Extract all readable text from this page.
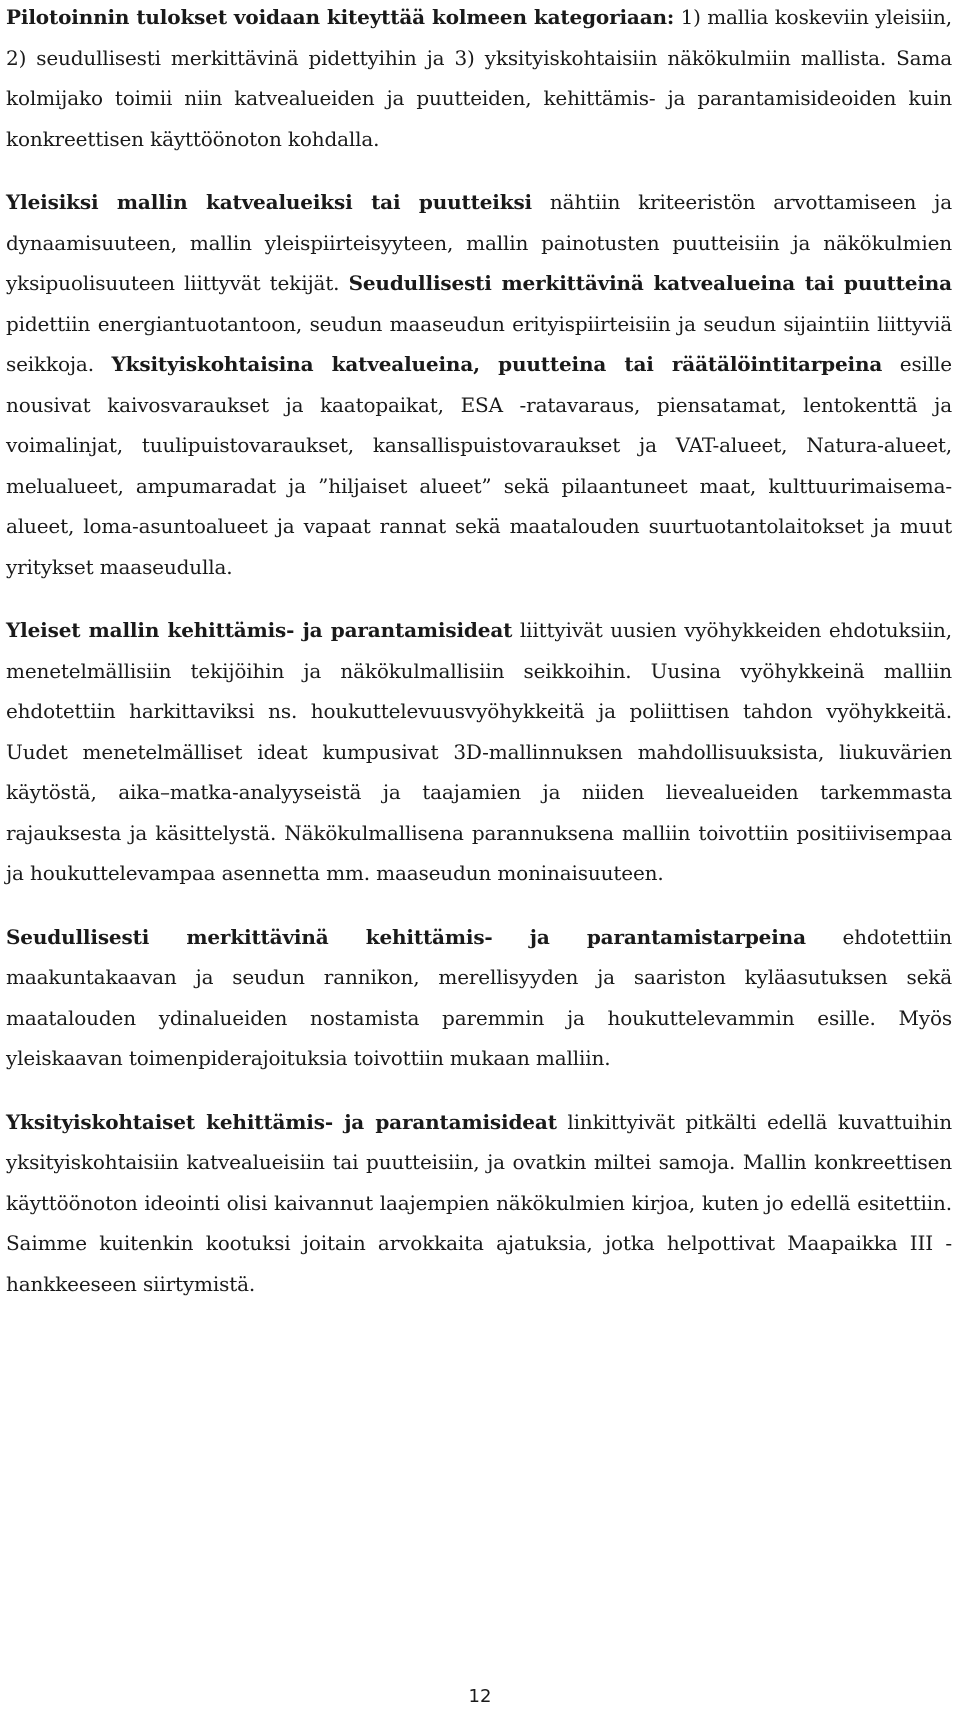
Pilotoinnin tulokset voidaan kiteyttää kolmeen kategoriaan: 1) mallia koskeviin yleisiin, 2) seudullisesti merkittävinä pidettyihin ja 3) yksityiskohtaisiin näkökulmiin mallista. Sama kolmijako toimii niin katvealueiden ja puutteiden, kehittämis- ja parantamisideoiden kuin konkreettisen käyttöönoton kohdalla.

Yleisiksi mallin katvealueiksi tai puutteiksi nähtiin kriteeristön arvottamiseen ja dynaamisuuteen, mallin yleispiirteisyyteen, mallin painotusten puutteisiin ja näkökulmien yksipuolisuuteen liittyvät tekijät. Seudullisesti merkittävinä katvealueina tai puutteina pidettiin energiantuotantoon, seudun maaseudun erityispiirteisiin ja seudun sijaintiin liittyviä seikkoja. Yksityiskohtaisina katvealueina, puutteina tai räätälöintitarpeina esille nousivat kaivosvaraukset ja kaatopaikat, ESA -ratavaraus, piensatamat, lentokenttä ja voimalinjat, tuulipuistovaraukset, kansallispuistovaraukset ja VAT-alueet, Natura-alueet, melualueet, ampumaradat ja ”hiljaiset alueet” sekä pilaantuneet maat, kulttuurimaisema-alueet, loma-asuntoalueet ja vapaat rannat sekä maatalouden suurtuotantolaitokset ja muut yritykset maaseudulla.

Yleiset mallin kehittämis- ja parantamisideat liittyivät uusien vyöhykkeiden ehdotuksiin, menetelmällisiin tekijöihin ja näkökulmallisiin seikkoihin. Uusina vyöhykkeinä malliin ehdotettiin harkittaviksi ns. houkuttelevuusvyöhykkeitä ja poliittisen tahdon vyöhykkeitä. Uudet menetelmälliset ideat kumpusivat 3D-mallinnuksen mahdollisuuksista, liukuvärien käytöstä, aika–matka-analyyseistä ja taajamien ja niiden lievealueiden tarkemmasta rajauksesta ja käsittelystä. Näkökulmallisena parannuksena malliin toivottiin positiivisempaa ja houkuttelevampaa asennetta mm. maaseudun moninaisuuteen.

Seudullisesti merkittävinä kehittämis- ja parantamistarpeina ehdotettiin maakuntakaavan ja seudun rannikon, merellisyyden ja saariston kyläasutuksen sekä maatalouden ydinalueiden nostamista paremmin ja houkuttelevammin esille. Myös yleiskaavan toimenpiderajoituksia toivottiin mukaan malliin.

Yksityiskohtaiset kehittämis- ja parantamisideat linkittyivät pitkälti edellä kuvattuihin yksityiskohtaisiin katvealueisiin tai puutteisiin, ja ovatkin miltei samoja. Mallin konkreettisen käyttöönoton ideointi olisi kaivannut laajempien näkökulmien kirjoa, kuten jo edellä esitettiin. Saimme kuitenkin kootuksi joitain arvokkaita ajatuksia, jotka helpottivat Maapaikka III -hankkeeseen siirtymistä.

12
